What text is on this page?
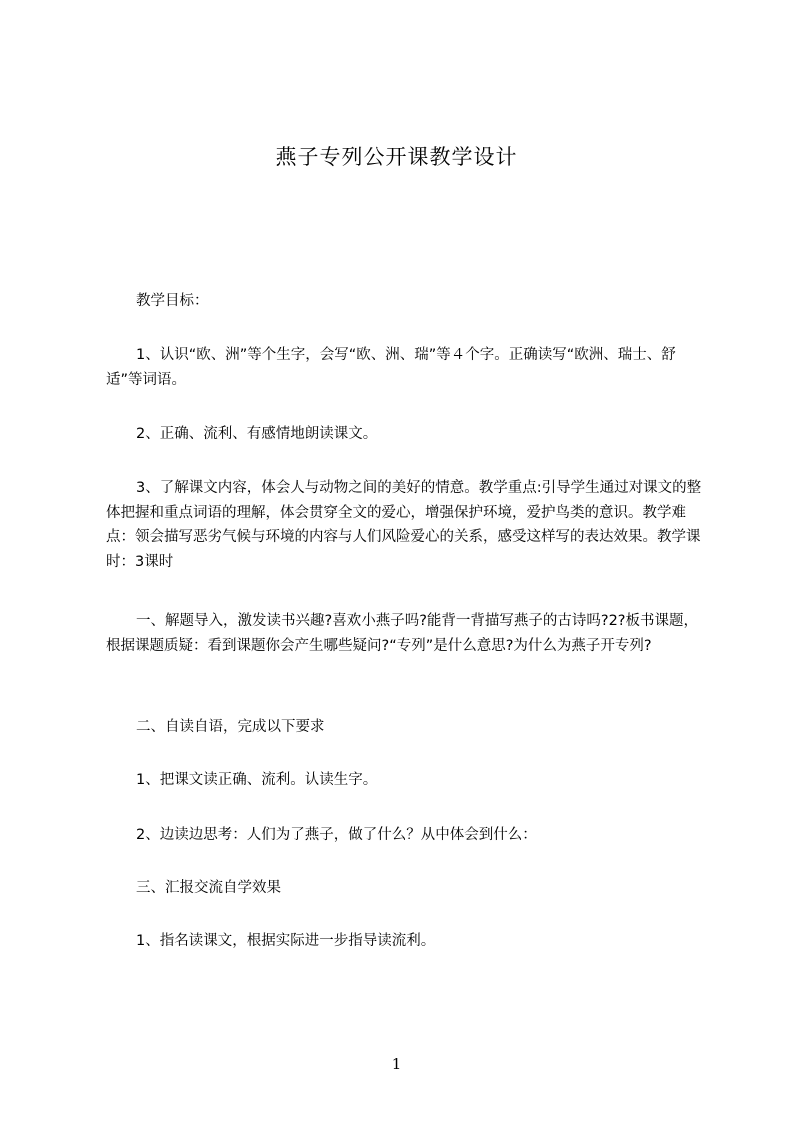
燕子专列公开课教学设计

教学目标：

1、认识“欧、洲”等个生字，会写“欧、洲、瑞”等４个字。正确读写“欧洲、瑞士、舒适”等词语。

2、正确、流利、有感情地朗读课文。

3、了解课文内容，体会人与动物之间的美好的情意。教学重点:引导学生通过对课文的整体把握和重点词语的理解，体会贯穿全文的爱心，增强保护环境，爱护鸟类的意识。教学难点：领会描写恶劣气候与环境的内容与人们风险爱心的关系，感受这样写的表达效果。教学课时：3课时

一、解题导入，激发读书兴趣?喜欢小燕子吗?能背一背描写燕子的古诗吗?2?板书课题，根据课题质疑：看到课题你会产生哪些疑问?“专列”是什么意思?为什么为燕子开专列?

二、自读自语，完成以下要求

1、把课文读正确、流利。认读生字。

2、边读边思考：人们为了燕子，做了什么？从中体会到什么：

三、汇报交流自学效果

1、指名读课文，根据实际进一步指导读流利。

1
